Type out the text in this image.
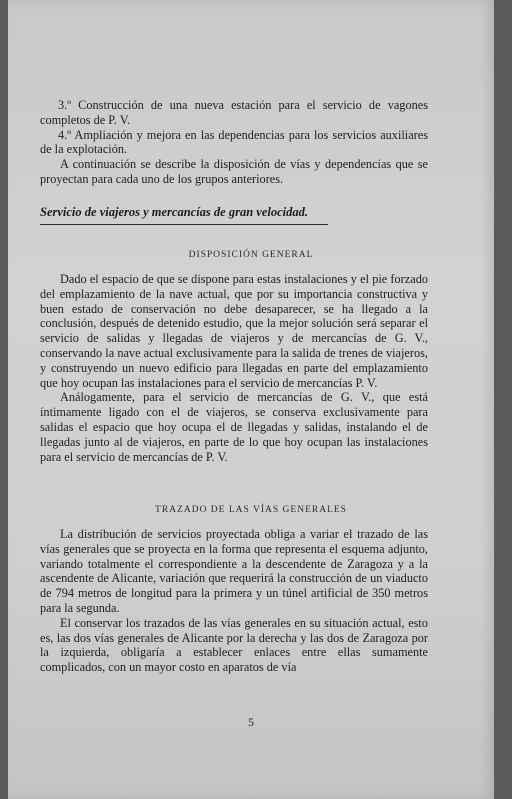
3.º Construcción de una nueva estación para el servicio de vagones completos de P. V.

4.º Ampliación y mejora en las dependencias para los servicios auxiliares de la explotación.

A continuación se describe la disposición de vías y dependencias que se proyectan para cada uno de los grupos anteriores.

Servicio de viajeros y mercancías de gran velocidad.
DISPOSICIÓN GENERAL

Dado el espacio de que se dispone para estas instalaciones y el pie forzado del emplazamiento de la nave actual, que por su importancia constructiva y buen estado de conservación no debe desaparecer, se ha llegado a la conclusión, después de detenido estudio, que la mejor solución será separar el servicio de salidas y llegadas de viajeros y de mercancías de G. V., conservando la nave actual exclusivamente para la salida de trenes de viajeros, y construyendo un nuevo edificio para llegadas en parte del emplazamiento que hoy ocupan las instalaciones para el servicio de mercancías P. V.

Análogamente, para el servicio de mercancías de G. V., que está íntimamente ligado con el de viajeros, se conserva exclusivamente para salidas el espacio que hoy ocupa el de llegadas y salidas, instalando el de llegadas junto al de viajeros, en parte de lo que hoy ocupan las instalaciones para el servicio de mercancías de P. V.

TRAZADO DE LAS VÍAS GENERALES

La distribución de servicios proyectada obliga a variar el trazado de las vías generales que se proyecta en la forma que representa el esquema adjunto, variando totalmente el correspondiente a la descendente de Zaragoza y a la ascendente de Alicante, variación que requerirá la construcción de un viaducto de 794 metros de longitud para la primera y un túnel artificial de 350 metros para la segunda.

El conservar los trazados de las vías generales en su situación actual, esto es, las dos vías generales de Alicante por la derecha y las dos de Zaragoza por la izquierda, obligaría a establecer enlaces entre ellas sumamente complicados, con un mayor costo en aparatos de vía

5
